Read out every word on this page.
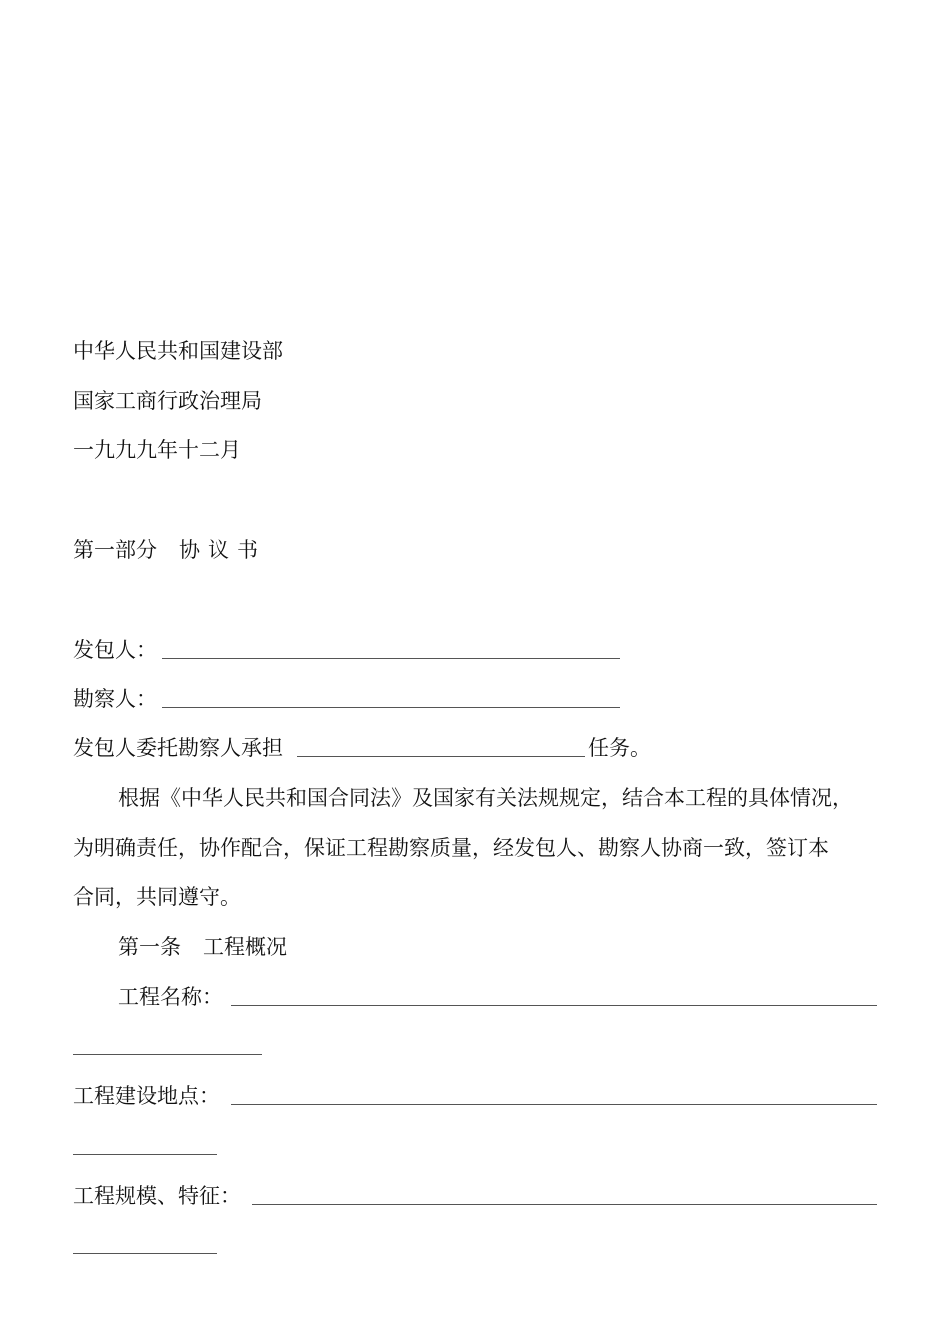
中华人民共和国建设部
国家工商行政治理局
一九九九年十二月
第一部分 协 议 书
发包人：
勘察人：
发包人委托勘察人承担	任务。
根据《中华人民共和国合同法》及国家有关法规规定，结合本工程的具体情况，
为明确责任，协作配合，保证工程勘察质量，经发包人、勘察人协商一致，签订本
合同，共同遵守。
第一条 工程概况
工程名称：
工程建设地点：
工程规模、特征：
